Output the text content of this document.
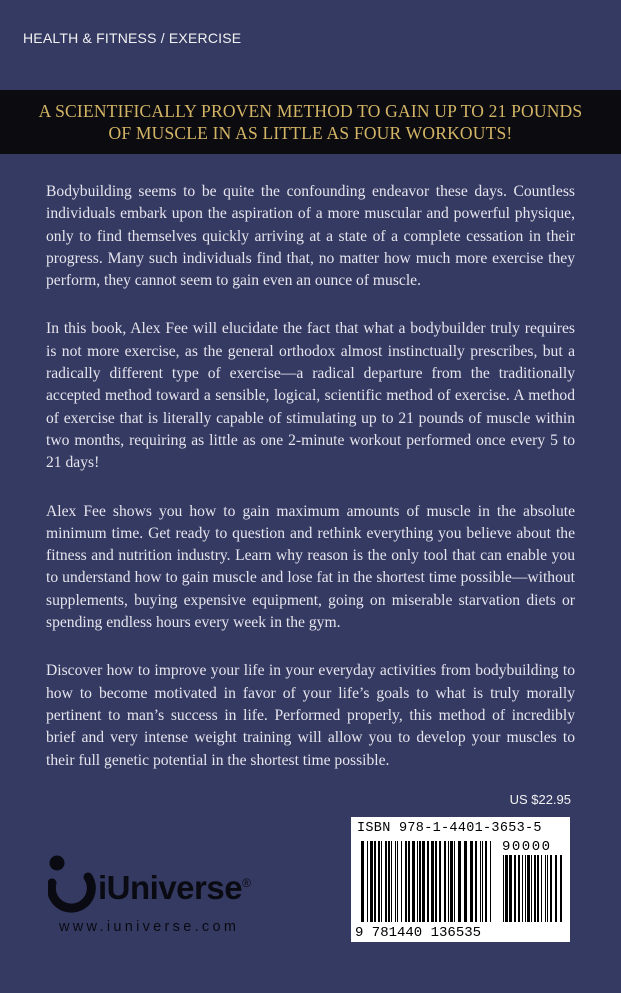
HEALTH & FITNESS / EXERCISE
A SCIENTIFICALLY PROVEN METHOD TO GAIN UP TO 21 POUNDS OF MUSCLE IN AS LITTLE AS FOUR WORKOUTS!

Bodybuilding seems to be quite the confounding endeavor these days. Countless individuals embark upon the aspiration of a more muscular and powerful physique, only to find themselves quickly arriving at a state of a complete cessation in their progress. Many such individuals find that, no matter how much more exercise they perform, they cannot seem to gain even an ounce of muscle.

In this book, Alex Fee will elucidate the fact that what a bodybuilder truly requires is not more exercise, as the general orthodox almost instinctually prescribes, but a radically different type of exercise—a radical departure from the traditionally accepted method toward a sensible, logical, scientific method of exercise. A method of exercise that is literally capable of stimulating up to 21 pounds of muscle within two months, requiring as little as one 2-minute workout performed once every 5 to 21 days!

Alex Fee shows you how to gain maximum amounts of muscle in the absolute minimum time. Get ready to question and rethink everything you believe about the fitness and nutrition industry. Learn why reason is the only tool that can enable you to understand how to gain muscle and lose fat in the shortest time possible—without supplements, buying expensive equipment, going on miserable starvation diets or spending endless hours every week in the gym.

Discover how to improve your life in your everyday activities from bodybuilding to how to become motivated in favor of your life’s goals to what is truly morally pertinent to man’s success in life. Performed properly, this method of incredibly brief and very intense weight training will allow you to develop your muscles to their full genetic potential in the shortest time possible.

US $22.95
9 781440 136535
90000
ISBN 978-1-4401-3653-5
iUniverse®
www.iuniverse.com
